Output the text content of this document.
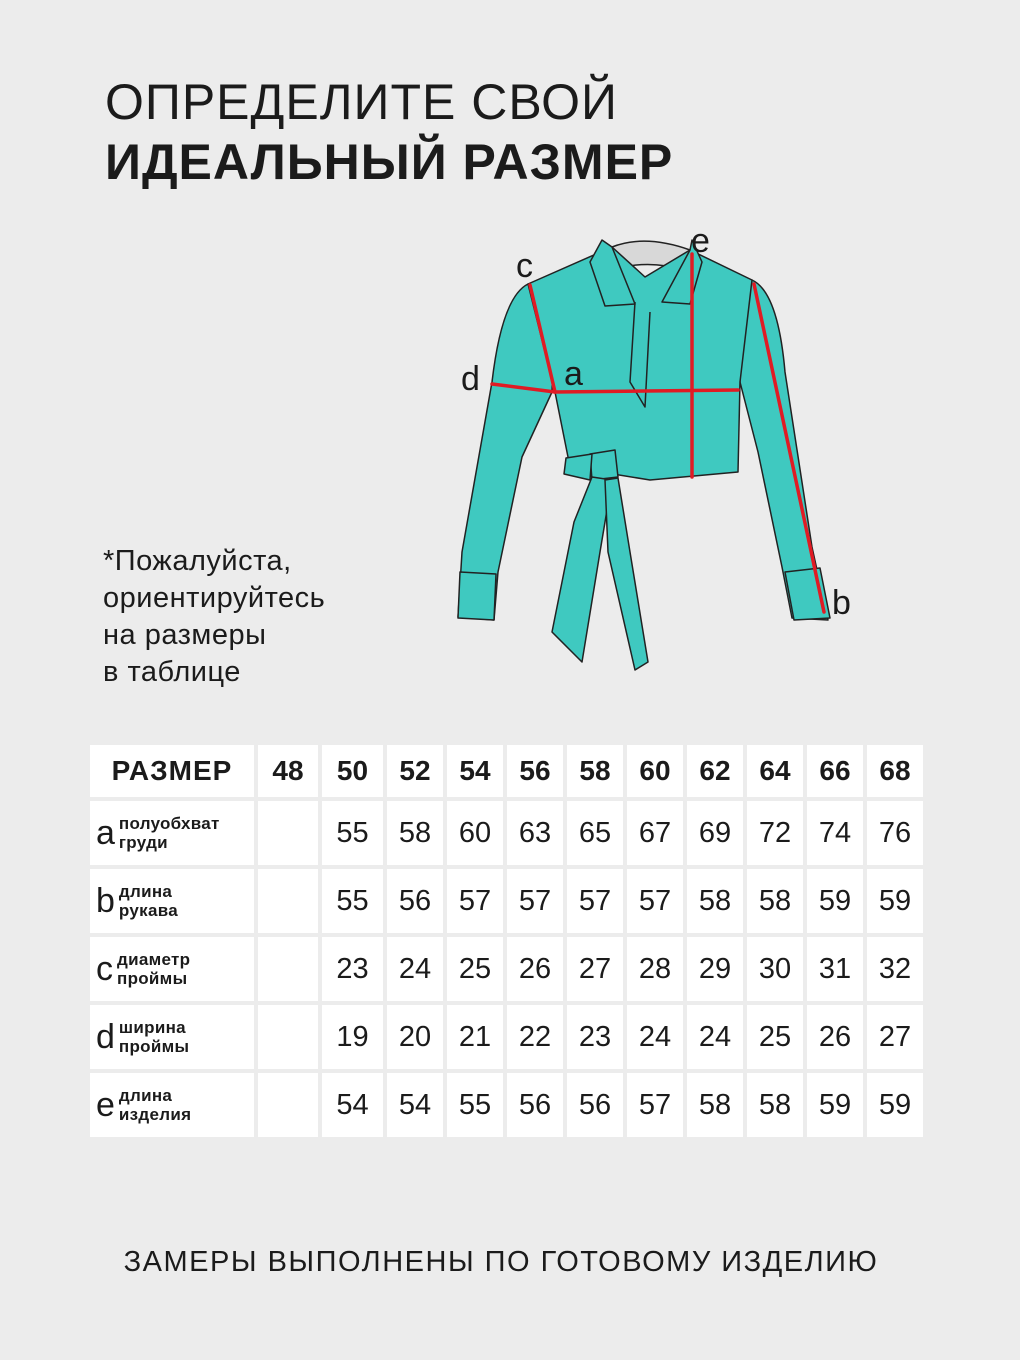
ОПРЕДЕЛИТЕ СВОЙ
ИДЕАЛЬНЫЙ РАЗМЕР
*Пожалуйста,
ориентируйтесь
на размеры
в таблице
c
e
d a
b
РАЗМЕР	48	50	52	54	56	58	60	62	64	66	68

a полуобхват
груди		55	58	60	63	65	67	69	72	74	76

b длина
рукава		55	56	57	57	57	57	58	58	59	59

c диаметр
проймы		23	24	25	26	27	28	29	30	31	32

d ширина
проймы		19	20	21	22	23	24	24	25	26	27

e длина
изделия		54	54	55	56	56	57	58	58	59	59

ЗАМЕРЫ ВЫПОЛНЕНЫ ПО ГОТОВОМУ ИЗДЕЛИЮ
